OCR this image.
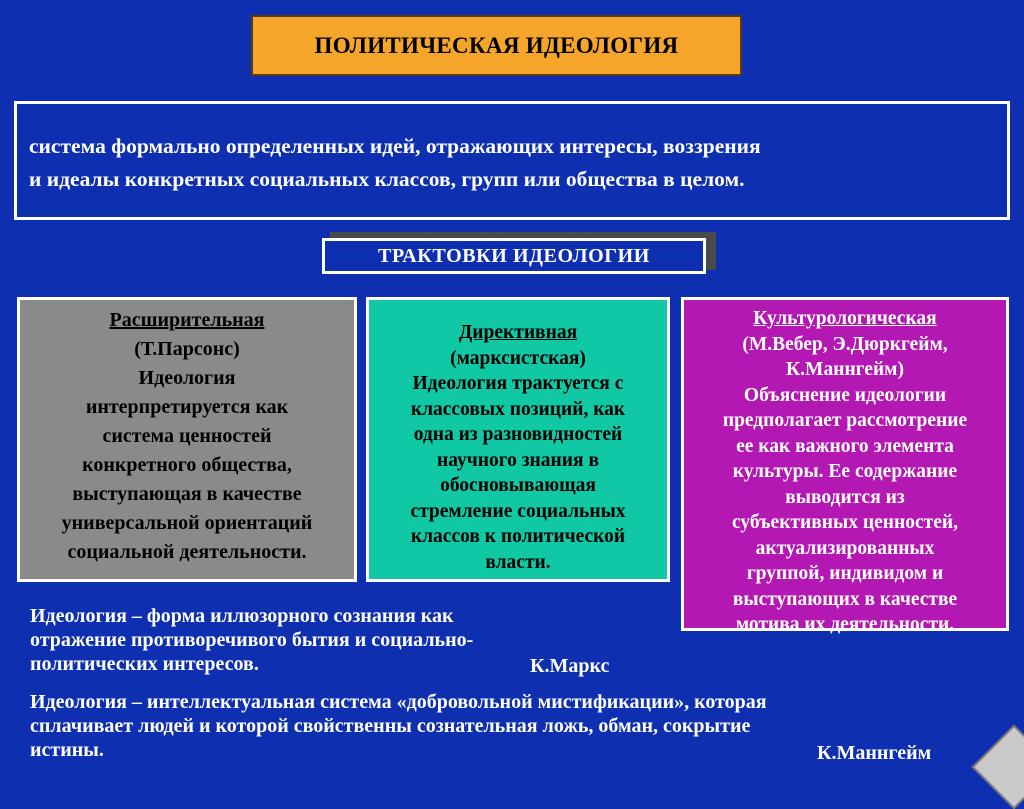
ПОЛИТИЧЕСКАЯ ИДЕОЛОГИЯ
система формально определенных идей, отражающих интересы, воззрения
и идеалы конкретных социальных классов, групп или общества в целом.
ТРАКТОВКИ ИДЕОЛОГИИ
Расширительная
(Т.Парсонс)
Идеология
интерпретируется как
система ценностей
конкретного общества,
выступающая в качестве
универсальной ориентаций
социальной деятельности.
Директивная
(марксистская)
Идеология трактуется с
классовых позиций, как
одна из разновидностей
научного знания в
обосновывающая
стремление социальных
классов к политической
власти.
Культурологическая
(М.Вебер, Э.Дюркгейм,
К.Маннгейм)
Объяснение идеологии
предполагает рассмотрение
ее как важного элемента
культуры. Ее содержание
выводится из
субъективных ценностей,
актуализированных
группой, индивидом и
выступающих в качестве
мотива их деятельности.
Идеология – форма иллюзорного сознания как
отражение противоречивого бытия и социально-
политических интересов.	К.Маркс
Идеология – интеллектуальная система «добровольной мистификации», которая
сплачивает людей и которой свойственны сознательная ложь, обман, сокрытие
истины.	К.Маннгейм
